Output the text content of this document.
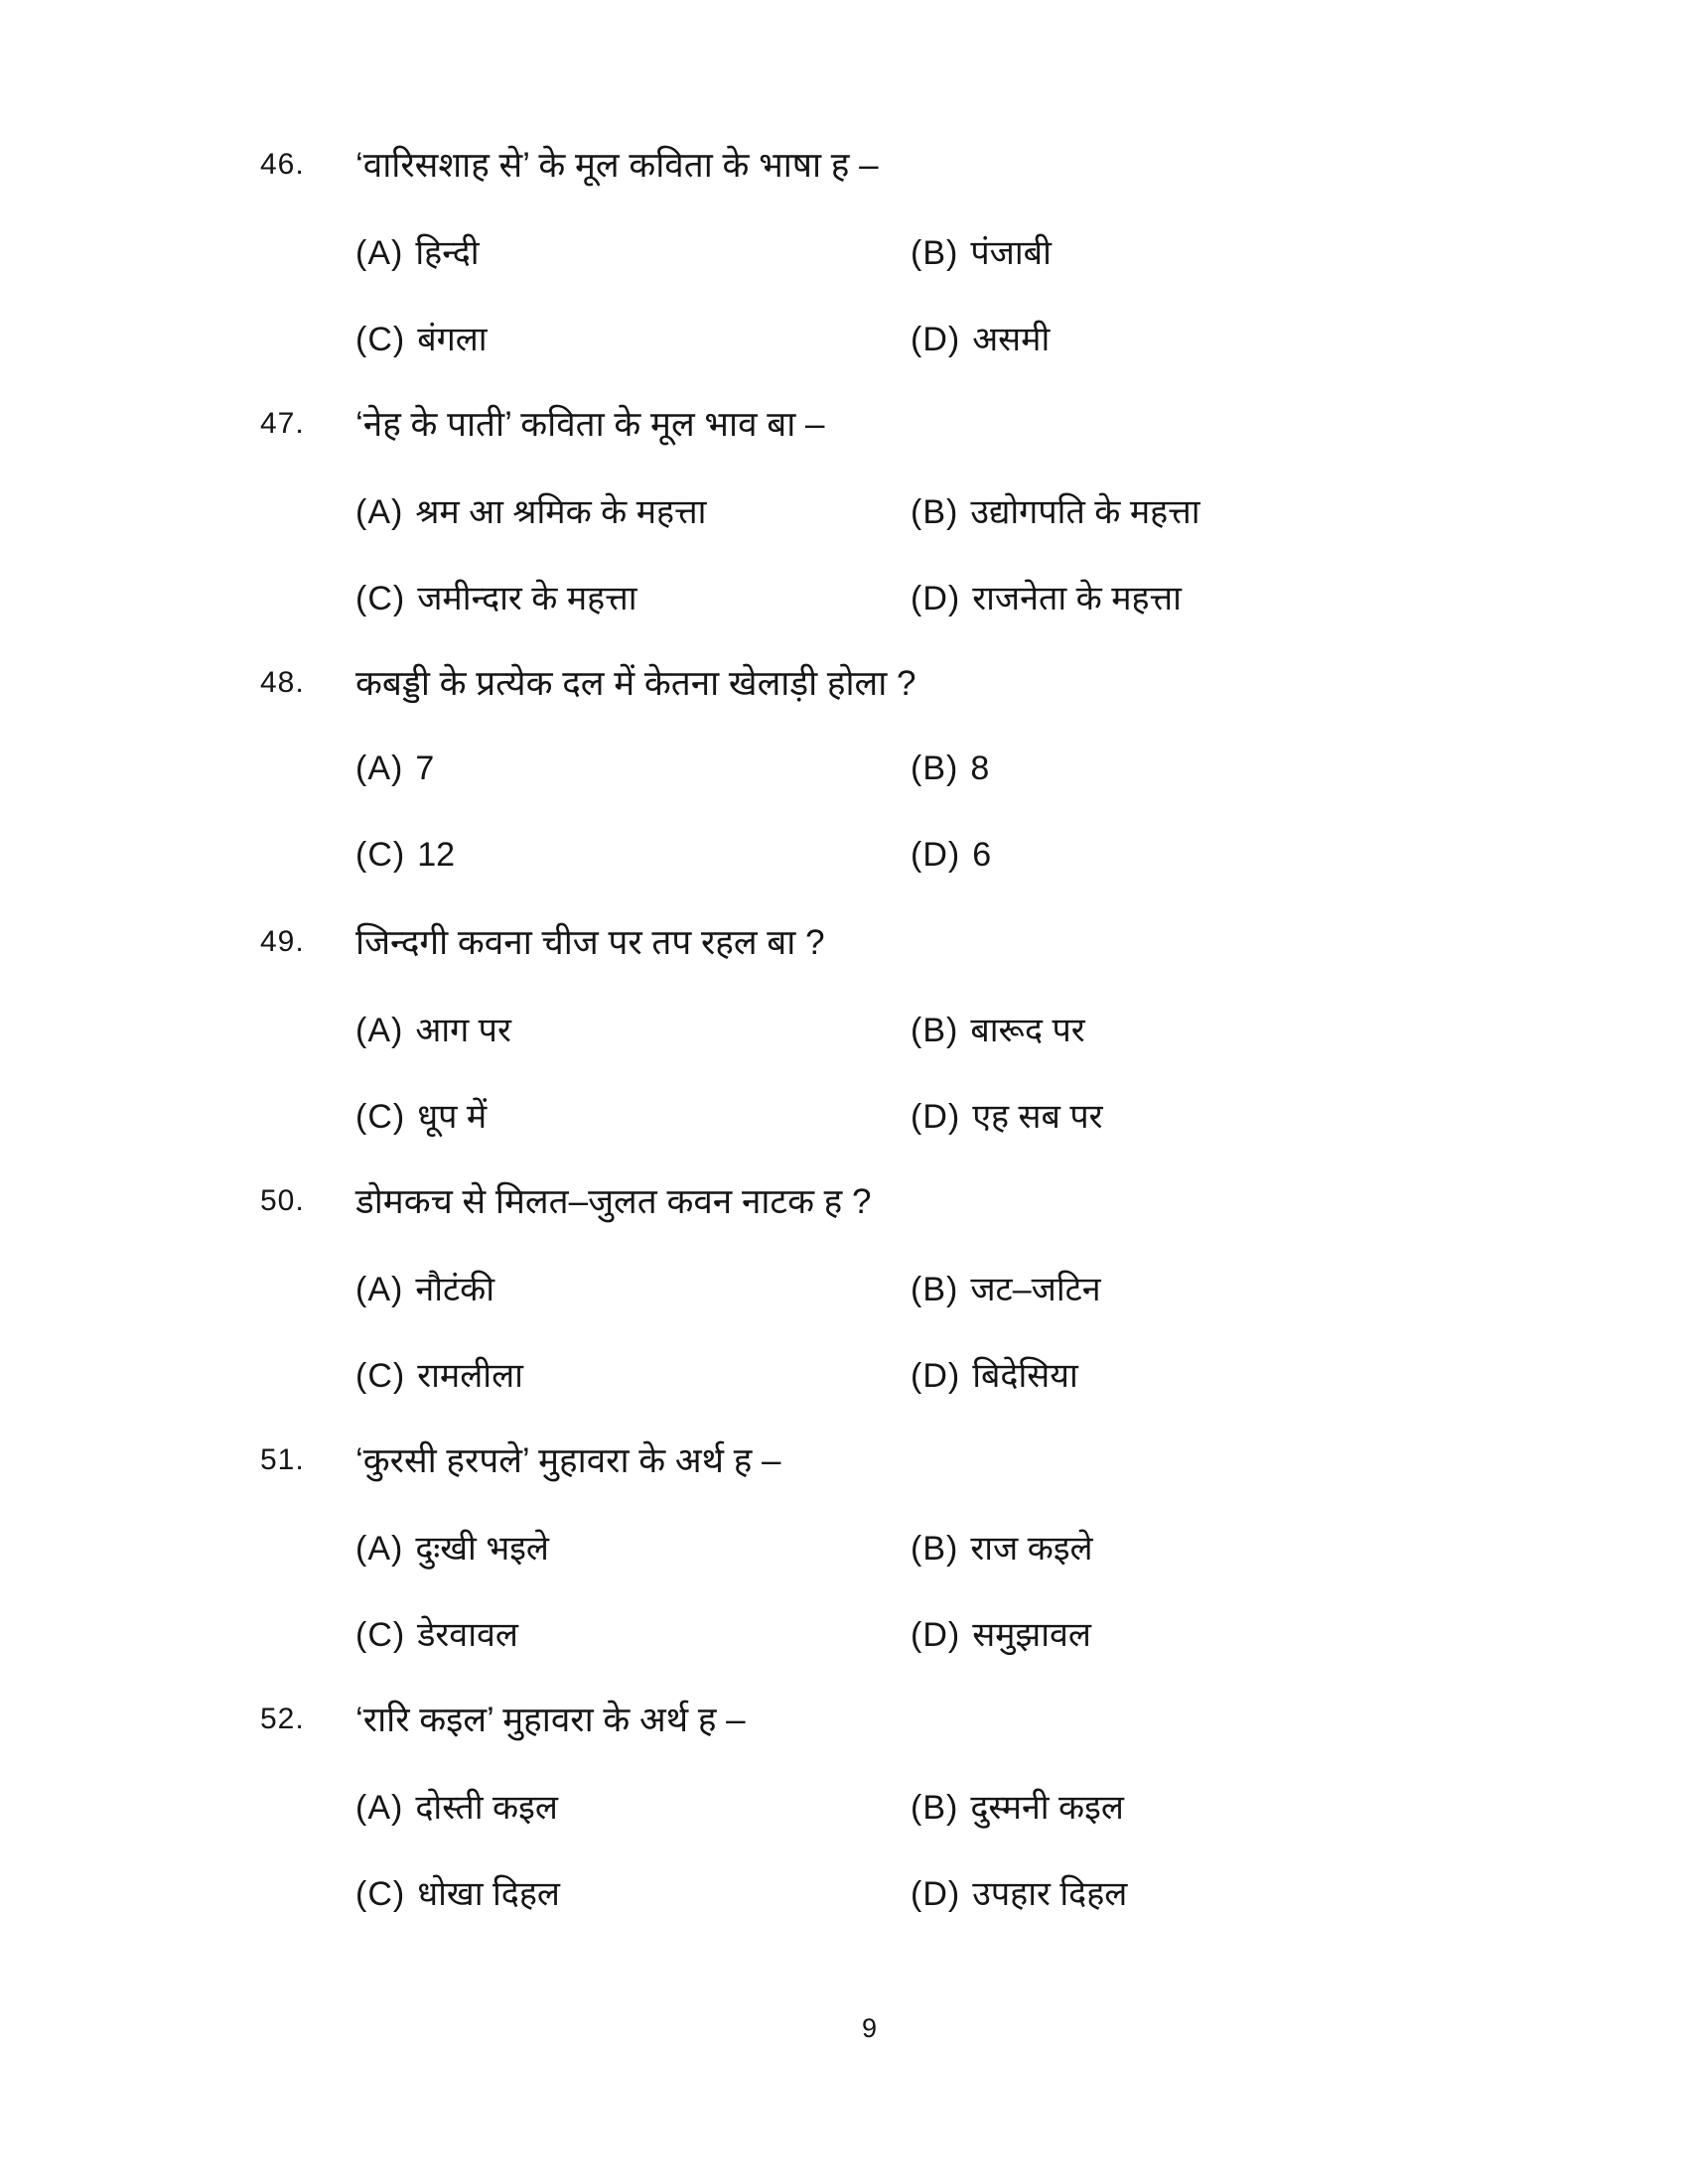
46.	‘वारिसशाह से’ के मूल कविता के भाषा ह –
(A) हिन्दी	(B) पंजाबी
(C) बंगला	(D) असमी
47.	‘नेह के पाती’ कविता के मूल भाव बा –
(A) श्रम आ श्रमिक के महत्ता	(B) उद्योगपति के महत्ता
(C) जमीन्दार के महत्ता	(D) राजनेता के महत्ता
48.	कबड्डी के प्रत्येक दल में केतना खेलाड़ी होला ?
(A) 7	(B) 8
(C) 12	(D) 6
49.	जिन्दगी कवना चीज पर तप रहल बा ?
(A) आग पर	(B) बारूद पर
(C) धूप में	(D) एह सब पर
50.	डोमकच से मिलत–जुलत कवन नाटक ह ?
(A) नौटंकी	(B) जट–जटिन
(C) रामलीला	(D) बिदेसिया
51.	‘कुरसी हरपले’ मुहावरा के अर्थ ह –
(A) दुःखी भइले	(B) राज कइले
(C) डेरवावल	(D) समुझावल
52.	‘रारि कइल’ मुहावरा के अर्थ ह –
(A) दोस्ती कइल	(B) दुस्मनी कइल
(C) धोखा दिहल	(D) उपहार दिहल
9
